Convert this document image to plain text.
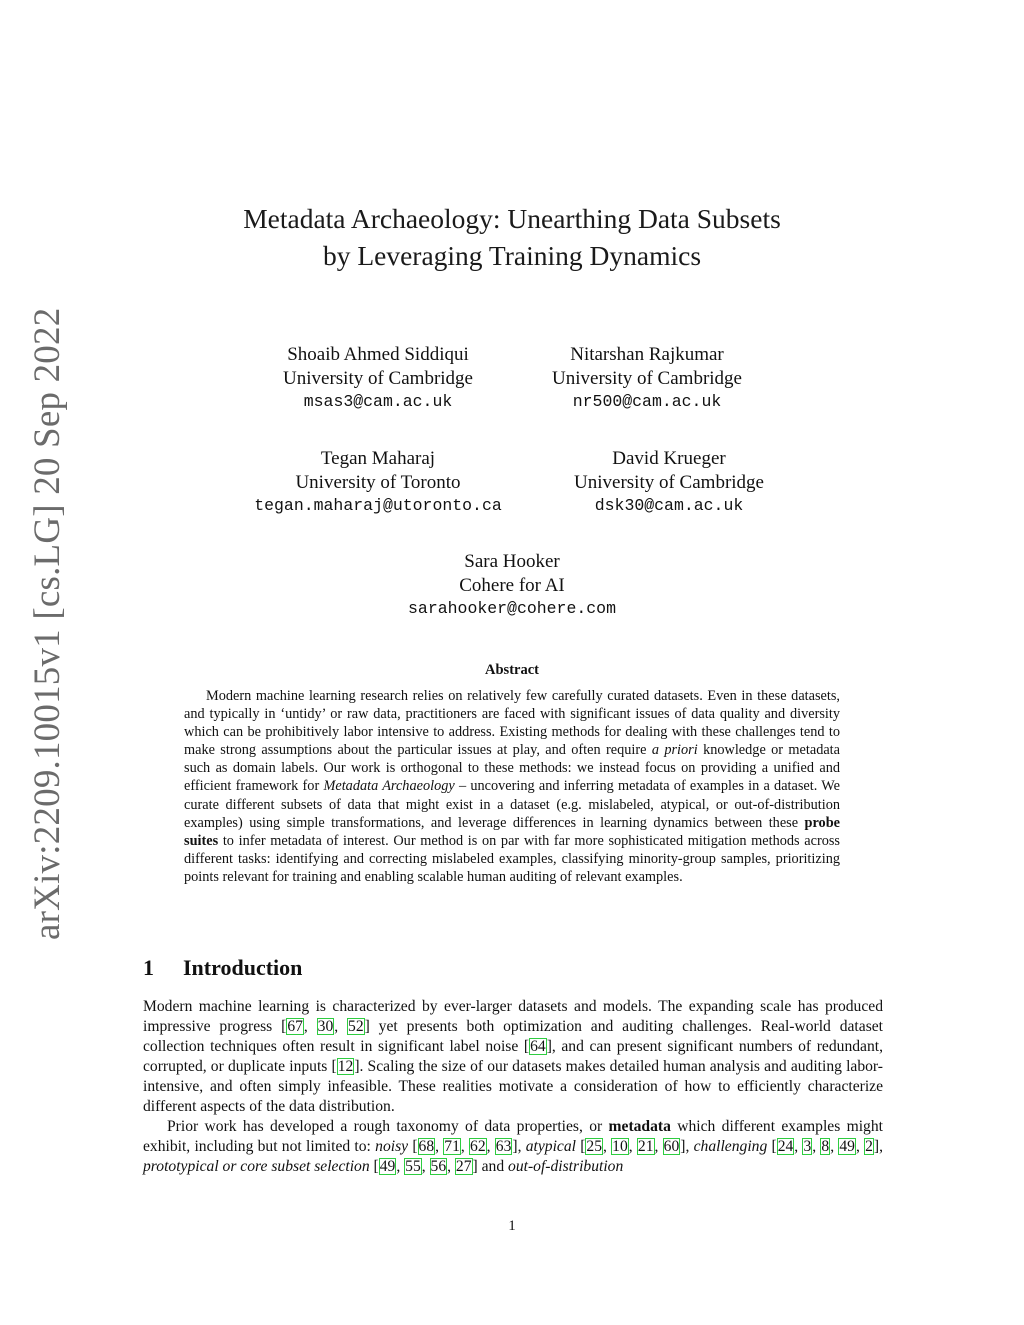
arXiv:2209.10015v1 [cs.LG] 20 Sep 2022
Metadata Archaeology: Unearthing Data Subsets
by Leveraging Training Dynamics
Shoaib Ahmed Siddiqui
University of Cambridge
msas3@cam.ac.uk
Nitarshan Rajkumar
University of Cambridge
nr500@cam.ac.uk
Tegan Maharaj
University of Toronto
tegan.maharaj@utoronto.ca
David Krueger
University of Cambridge
dsk30@cam.ac.uk
Sara Hooker
Cohere for AI
sarahooker@cohere.com
Abstract

Modern machine learning research relies on relatively few carefully curated datasets. Even in these datasets, and typically in ‘untidy’ or raw data, practitioners are faced with significant issues of data quality and diversity which can be prohibitively labor intensive to address. Existing methods for dealing with these challenges tend to make strong assumptions about the particular issues at play, and often require a priori knowledge or metadata such as domain labels. Our work is orthogonal to these methods: we instead focus on providing a unified and efficient framework for Metadata Archaeology – uncovering and inferring metadata of examples in a dataset. We curate different subsets of data that might exist in a dataset (e.g. mislabeled, atypical, or out-of-distribution examples) using simple transformations, and leverage differences in learning dynamics between these probe suites to infer metadata of interest. Our method is on par with far more sophisticated mitigation methods across different tasks: identifying and correcting mislabeled examples, classifying minority-group samples, prioritizing points relevant for training and enabling scalable human auditing of relevant examples.

1 Introduction

Modern machine learning is characterized by ever-larger datasets and models. The expanding scale has produced impressive progress [67, 30, 52] yet presents both optimization and auditing challenges. Real-world dataset collection techniques often result in significant label noise [64], and can present significant numbers of redundant, corrupted, or duplicate inputs [12]. Scaling the size of our datasets makes detailed human analysis and auditing labor-intensive, and often simply infeasible. These realities motivate a consideration of how to efficiently characterize different aspects of the data distribution.

Prior work has developed a rough taxonomy of data properties, or metadata which different examples might exhibit, including but not limited to: noisy [68, 71, 62, 63], atypical [25, 10, 21, 60], challenging [24, 3, 8, 49, 2], prototypical or core subset selection [49, 55, 56, 27] and out-of-distribution

1
